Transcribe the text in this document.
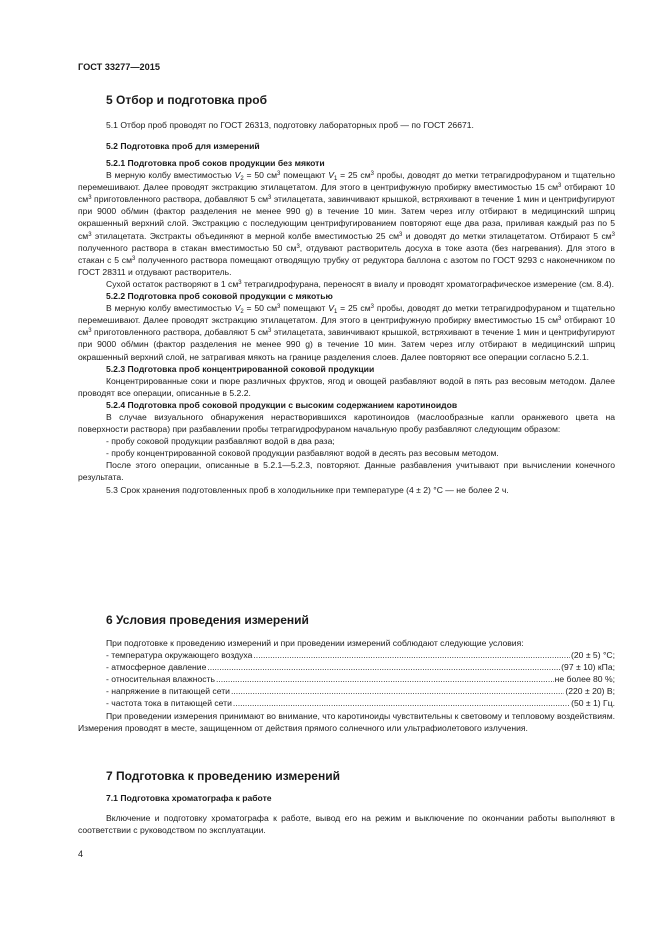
ГОСТ 33277—2015
5 Отбор и подготовка проб

5.1 Отбор проб проводят по ГОСТ 26313, подготовку лабораторных проб — по ГОСТ 26671.

5.2 Подготовка проб для измерений

5.2.1 Подготовка проб соков продукции без мякоти

В мерную колбу вместимостью $V_2 = 50$ $см^3$ помещают $V_1 = 25$ $см^3$ пробы, доводят до метки тетрагидрофураном и тщательно перемешивают. Далее проводят экстракцию этилацетатом. Для этого в центрифужную пробирку вместимостью 15 $см^3$ отбирают 10 $см^3$ приготовленного раствора, добавляют 5 $см^3$ этилацетата, завинчивают крышкой, встряхивают в течение 1 мин и центрифугируют при 9000 об/мин (фактор разделения не менее 990 g) в течение 10 мин. Затем через иглу отбирают в медицинский шприц окрашенный верхний слой. Экстракцию с последующим центрифугированием повторяют еще два раза, приливая каждый раз по 5 $см^3$ этилацетата. Экстракты объединяют в мерной колбе вместимостью 25 $см^3$ и доводят до метки этилацетатом. Отбирают 5 $см^3$ полученного раствора в стакан вместимостью 50 $см^3$, отдувают растворитель досуха в токе азота (без нагревания). Для этого в стакан с 5 $см^3$ полученного раствора помещают отводящую трубку от редуктора баллона с азотом по ГОСТ 9293 с наконечником по ГОСТ 28311 и отдувают растворитель.

Сухой остаток растворяют в 1 $см^3$ тетрагидрофурана, переносят в виалу и проводят хроматографическое измерение (см. 8.4).

5.2.2 Подготовка проб соковой продукции с мякотью

В мерную колбу вместимостью $V_2 = 50$ $см^3$ помещают $V_1 = 25$ $см^3$ пробы, доводят до метки тетрагидрофураном и тщательно перемешивают. Далее проводят экстракцию этилацетатом. Для этого в центрифужную пробирку вместимостью 15 $см^3$ отбирают 10 $см^3$ приготовленного раствора, добавляют 5 $см^3$ этилацетата, завинчивают крышкой, встряхивают в течение 1 мин и центрифугируют при 9000 об/мин (фактор разделения не менее 990 g) в течение 10 мин. Затем через иглу отбирают в медицинский шприц окрашенный верхний слой, не затрагивая мякоть на границе разделения слоев. Далее повторяют все операции согласно 5.2.1.

5.2.3 Подготовка проб концентрированной соковой продукции

Концентрированные соки и пюре различных фруктов, ягод и овощей разбавляют водой в пять раз весовым методом. Далее проводят все операции, описанные в 5.2.2.

5.2.4 Подготовка проб соковой продукции с высоким содержанием каротиноидов

В случае визуального обнаружения нерастворившихся каротиноидов (маслообразные капли оранжевого цвета на поверхности раствора) при разбавлении пробы тетрагидрофураном начальную пробу разбавляют следующим образом:

- пробу соковой продукции разбавляют водой в два раза;

- пробу концентрированной соковой продукции разбавляют водой в десять раз весовым методом.

После этого операции, описанные в 5.2.1—5.2.3, повторяют. Данные разбавления учитывают при вычислении конечного результата.

5.3 Срок хранения подготовленных проб в холодильнике при температуре (4 ± 2) °С — не более 2 ч.

6 Условия проведения измерений

При подготовке к проведению измерений и при проведении измерений соблюдают следующие условия:

- температура окружающего воздуха .....	(20 ± 5) °С;
- атмосферное давление .....	(97 ± 10) кПа;
- относительная влажность .....	не более 80 %;
- напряжение в питающей сети .....	(220 ± 20) В;
- частота тока в питающей сети .....	(50 ± 1) Гц.

При проведении измерения принимают во внимание, что каротиноиды чувствительны к световому и тепловому воздействиям. Измерения проводят в месте, защищенном от действия прямого солнечного или ультрафиолетового излучения.

7 Подготовка к проведению измерений
7.1 Подготовка хроматографа к работе

Включение и подготовку хроматографа к работе, вывод его на режим и выключение по окончании работы выполняют в соответствии с руководством по эксплуатации.

4
